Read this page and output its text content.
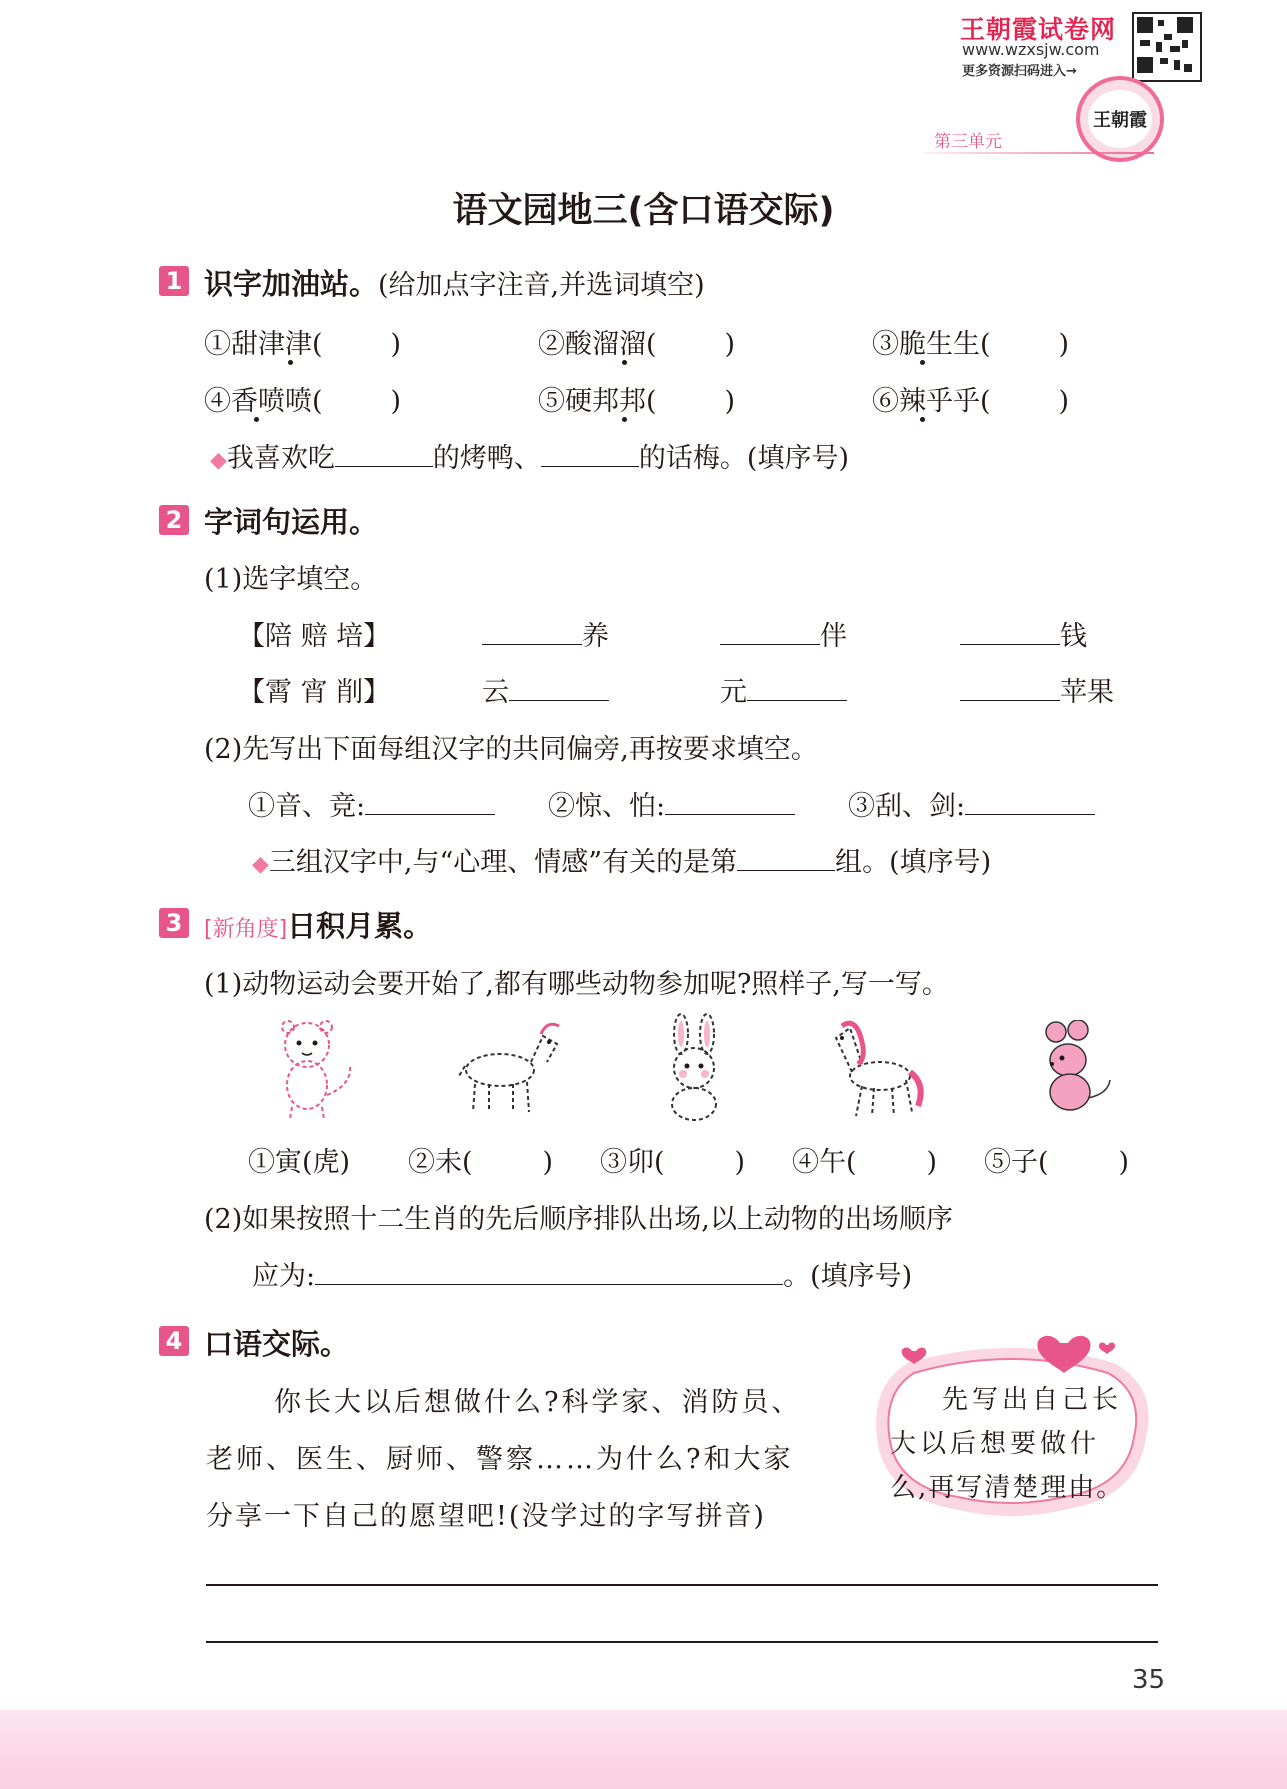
王朝霞试卷网
www.wzxsjw.com
更多资源扫码进入→
王朝霞
第三单元
语文园地三(含口语交际)
1 识字加油站。(给加点字注音,并选词填空)
①甜津津(	)	②酸溜溜(	)	③脆生生(	)
④香喷喷(	)	⑤硬邦邦(	)	⑥辣乎乎(	)
◆我喜欢吃	的烤鸭、	的话梅。(填序号)
2 字词句运用。
(1)选字填空。
【陪 赔 培】	养	伴	钱
【霄 宵 削】	云	元	苹果
(2)先写出下面每组汉字的共同偏旁,再按要求填空。
①音、竞:	②惊、怕:	③刮、剑:
◆三组汉字中,与“心理、情感”有关的是第	组。(填序号)
3 [新角度]日积月累。
(1)动物运动会要开始了,都有哪些动物参加呢?照样子,写一写。
①寅(虎) ②未(	) ③卯(	) ④午(	) ⑤子(	)
(2)如果按照十二生肖的先后顺序排队出场,以上动物的出场顺序
应为:	。(填序号)
4 口语交际。
你长大以后想做什么?科学家、消防员、
老师、医生、厨师、警察……为什么?和大家
分享一下自己的愿望吧!(没学过的字写拼音)
先写出自己长
大以后想要做什
么,再写清楚理由。
35
